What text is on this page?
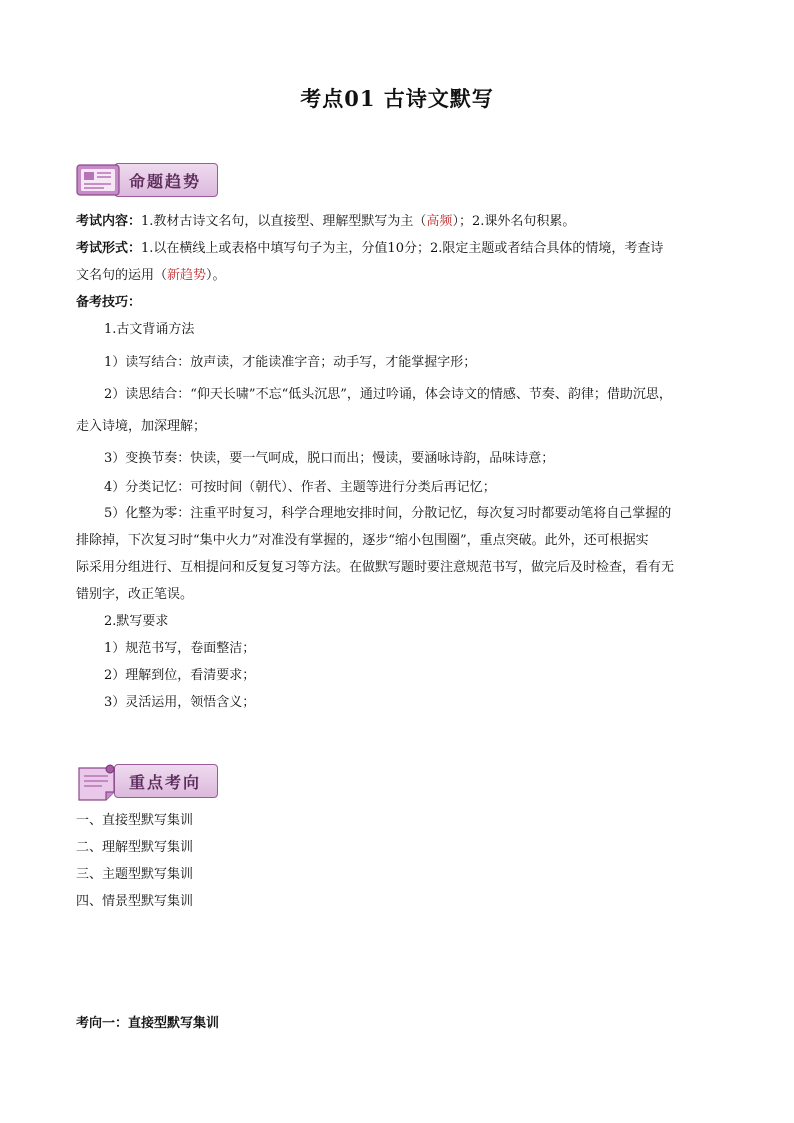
考点01 古诗文默写
命题趋势
考试内容：1.教材古诗文名句，以直接型、理解型默写为主（高频）；2.课外名句积累。
考试形式：1.以在横线上或表格中填写句子为主，分值10分；2.限定主题或者结合具体的情境，考查诗
文名句的运用（新趋势）。
备考技巧：
1.古文背诵方法
1）读写结合：放声读，才能读准字音；动手写，才能掌握字形；
2）读思结合：“仰天长啸”不忘“低头沉思”，通过吟诵，体会诗文的情感、节奏、韵律；借助沉思，
走入诗境，加深理解；
3）变换节奏：快读，要一气呵成，脱口而出；慢读，要涵咏诗韵，品味诗意；
4）分类记忆：可按时间（朝代）、作者、主题等进行分类后再记忆；
5）化整为零：注重平时复习，科学合理地安排时间，分散记忆，每次复习时都要动笔将自己掌握的
排除掉，下次复习时“集中火力”对准没有掌握的，逐步“缩小包围圈”，重点突破。此外，还可根据实
际采用分组进行、互相提问和反复复习等方法。在做默写题时要注意规范书写，做完后及时检查，看有无
错别字，改正笔误。
2.默写要求
1）规范书写，卷面整洁；
2）理解到位，看清要求；
3）灵活运用，领悟含义；
重点考向
一、直接型默写集训
二、理解型默写集训
三、主题型默写集训
四、情景型默写集训
考向一：直接型默写集训
